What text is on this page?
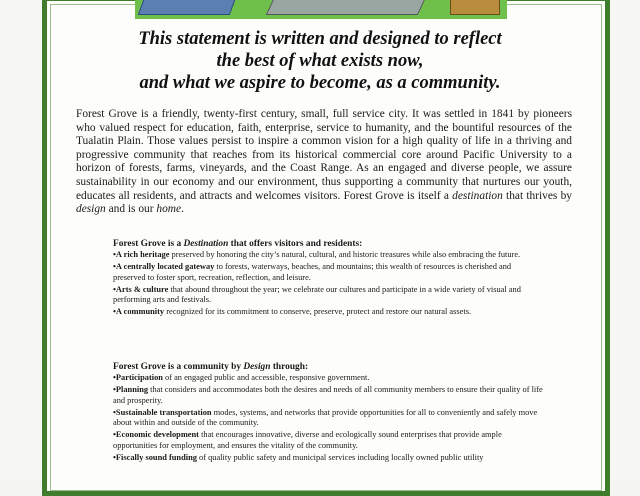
This statement is written and designed to reflect
the best of what exists now,
and what we aspire to become, as a community.
Forest Grove is a friendly, twenty-first century, small, full service city. It was settled in 1841 by pioneers who valued respect for education, faith, enterprise, service to humanity, and the bountiful resources of the Tualatin Plain. Those values persist to inspire a common vision for a high quality of life in a thriving and progressive community that reaches from its historical commercial core around Pacific University to a horizon of forests, farms, vineyards, and the Coast Range. As an engaged and diverse people, we assure sustainability in our economy and our environment, thus supporting a community that nurtures our youth, educates all residents, and attracts and welcomes visitors. Forest Grove is itself a destination that thrives by design and is our home.
Forest Grove is a Destination that offers visitors and residents:
•A rich heritage preserved by honoring the city’s natural, cultural, and historic treasures while also embracing the future.
•A centrally located gateway to forests, waterways, beaches, and mountains; this wealth of resources is cherished and preserved to foster sport, recreation, reflection, and leisure.
•Arts & culture that abound throughout the year; we celebrate our cultures and participate in a wide variety of visual and performing arts and festivals.
•A community recognized for its commitment to conserve, preserve, protect and restore our natural assets.
Forest Grove is a community by Design through:
•Participation of an engaged public and accessible, responsive government.
•Planning that considers and accommodates both the desires and needs of all community members to ensure their quality of life and prosperity.
•Sustainable transportation modes, systems, and networks that provide opportunities for all to conveniently and safely move about within and outside of the community.
•Economic development that encourages innovative, diverse and ecologically sound enterprises that provide ample opportunities for employment, and ensures the vitality of the community.
•Fiscally sound funding of quality public safety and municipal services including locally owned public utility
